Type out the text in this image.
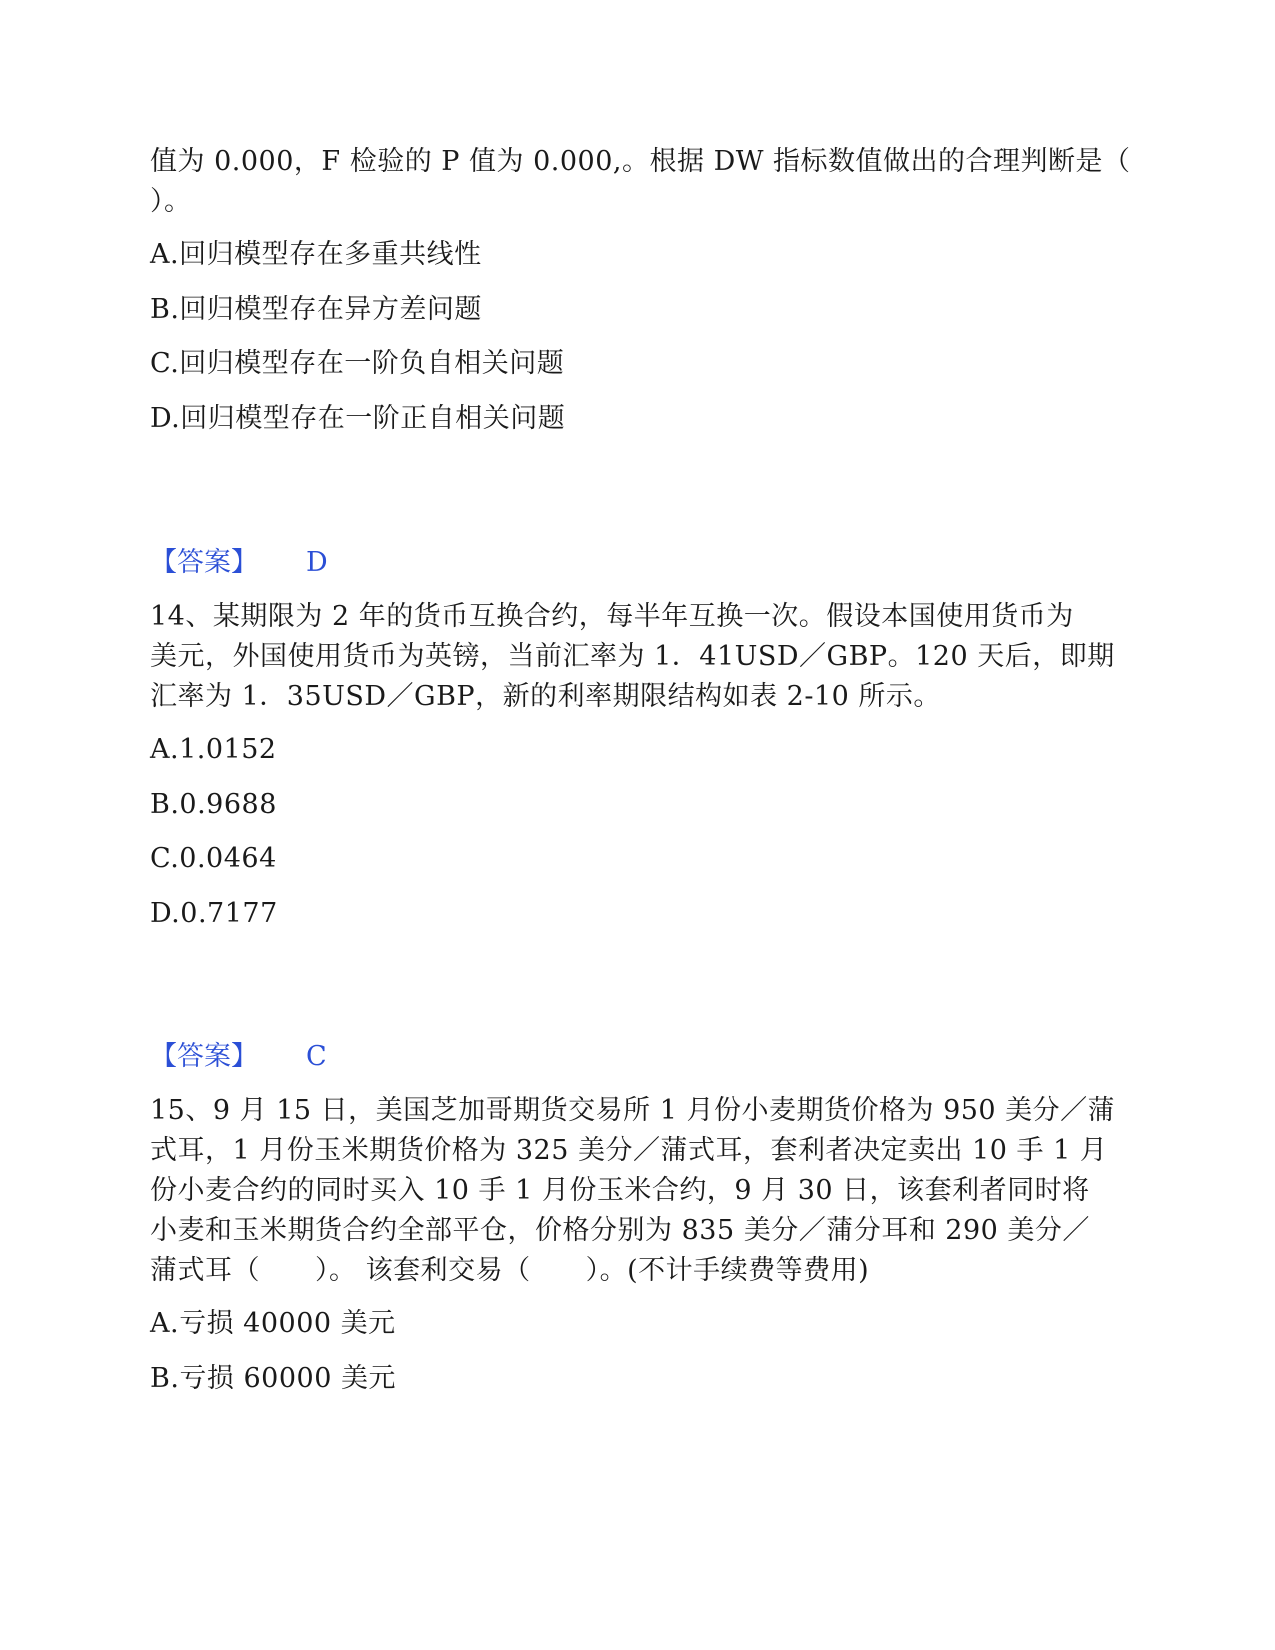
值为 0.000，F 检验的 P 值为 0.000,。根据 DW 指标数值做出的合理判断是（
）。
A.回归模型存在多重共线性
B.回归模型存在异方差问题
C.回归模型存在一阶负自相关问题
D.回归模型存在一阶正自相关问题
【答案】 D
14、某期限为 2 年的货币互换合约，每半年互换一次。假设本国使用货币为
美元，外国使用货币为英镑，当前汇率为 1．41USD／GBP。120 天后，即期
汇率为 1．35USD／GBP，新的利率期限结构如表 2-10 所示。
A.1.0152
B.0.9688
C.0.0464
D.0.7177
【答案】 C
15、9 月 15 日，美国芝加哥期货交易所 1 月份小麦期货价格为 950 美分／蒲
式耳，1 月份玉米期货价格为 325 美分／蒲式耳，套利者决定卖出 10 手 1 月
份小麦合约的同时买入 10 手 1 月份玉米合约，9 月 30 日，该套利者同时将
小麦和玉米期货合约全部平仓，价格分别为 835 美分／蒲分耳和 290 美分／
蒲式耳（　　）。 该套利交易（　　）。(不计手续费等费用)
A.亏损 40000 美元
B.亏损 60000 美元
